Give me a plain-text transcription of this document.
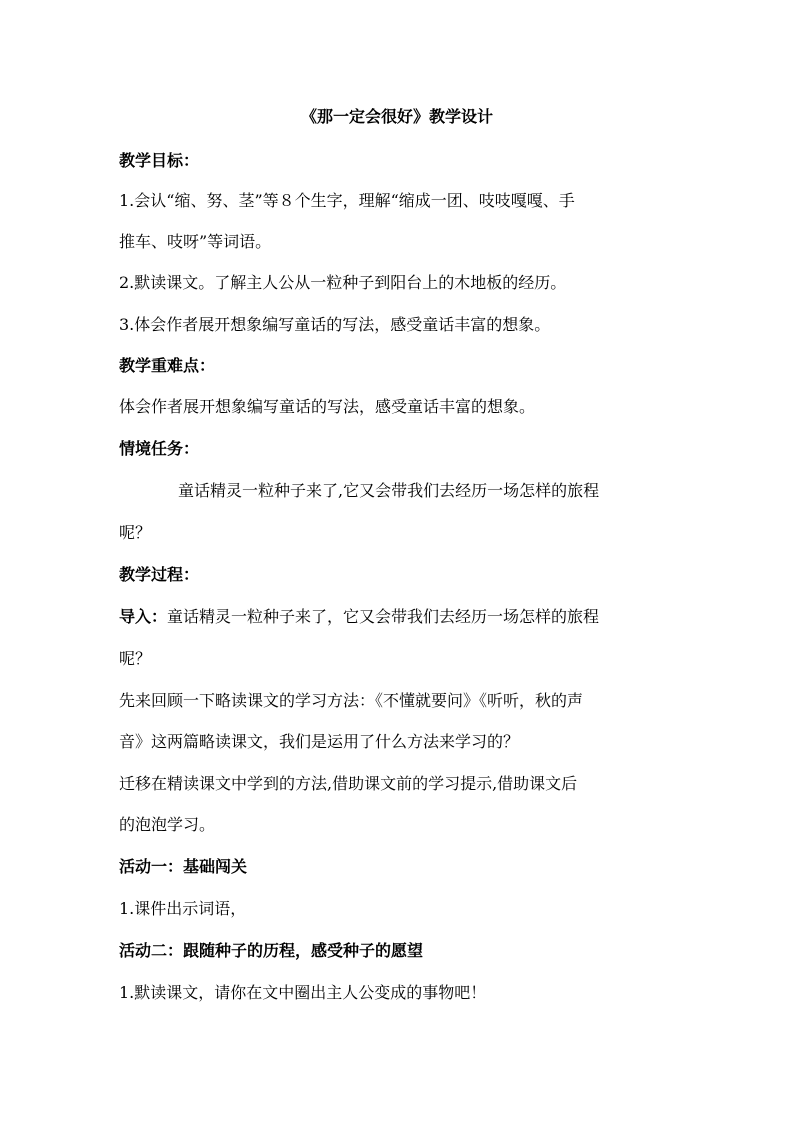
《那一定会很好》教学设计

教学目标：

1.会认“缩、努、茎”等８个生字，理解“缩成一团、吱吱嘎嘎、手

推车、吱呀”等词语。

2.默读课文。了解主人公从一粒种子到阳台上的木地板的经历。

3.体会作者展开想象编写童话的写法，感受童话丰富的想象。

教学重难点：

体会作者展开想象编写童话的写法，感受童话丰富的想象。

情境任务：

童话精灵一粒种子来了,它又会带我们去经历一场怎样的旅程

呢？

教学过程：

导入：童话精灵一粒种子来了，它又会带我们去经历一场怎样的旅程

呢？

先来回顾一下略读课文的学习方法：《不懂就要问》《听听，秋的声

音》这两篇略读课文，我们是运用了什么方法来学习的？

迁移在精读课文中学到的方法,借助课文前的学习提示,借助课文后

的泡泡学习。

活动一：基础闯关

1.课件出示词语，

活动二：跟随种子的历程，感受种子的愿望

1.默读课文，请你在文中圈出主人公变成的事物吧！
